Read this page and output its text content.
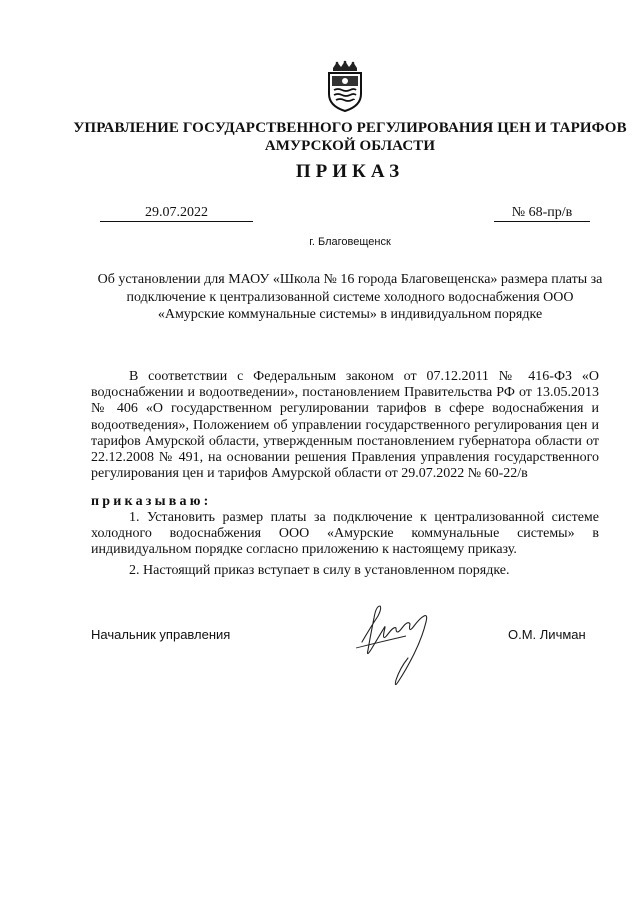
УПРАВЛЕНИЕ ГОСУДАРСТВЕННОГО РЕГУЛИРОВАНИЯ ЦЕН И ТАРИФОВ АМУРСКОЙ ОБЛАСТИ

ПРИКАЗ

29.07.2022	№ 68-пр/в
г. Благовещенск

Об установлении для МАОУ «Школа № 16 города Благовещенска» размера платы за подключение к централизованной системе холодного водоснабжения ООО «Амурские коммунальные системы» в индивидуальном порядке

В соответствии с Федеральным законом от 07.12.2011 № 416-ФЗ «О водоснабжении и водоотведении», постановлением Правительства РФ от 13.05.2013 № 406 «О государственном регулировании тарифов в сфере водоснабжения и водоотведения», Положением об управлении государственного регулирования цен и тарифов Амурской области, утвержденным постановлением губернатора области от 22.12.2008 № 491, на основании решения Правления управления государственного регулирования цен и тарифов Амурской области от 29.07.2022 № 60-22/в

приказываю:

1. Установить размер платы за подключение к централизованной системе холодного водоснабжения ООО «Амурские коммунальные системы» в индивидуальном порядке согласно приложению к настоящему приказу.

2. Настоящий приказ вступает в силу в установленном порядке.

Начальник управления	О.М. Личман
